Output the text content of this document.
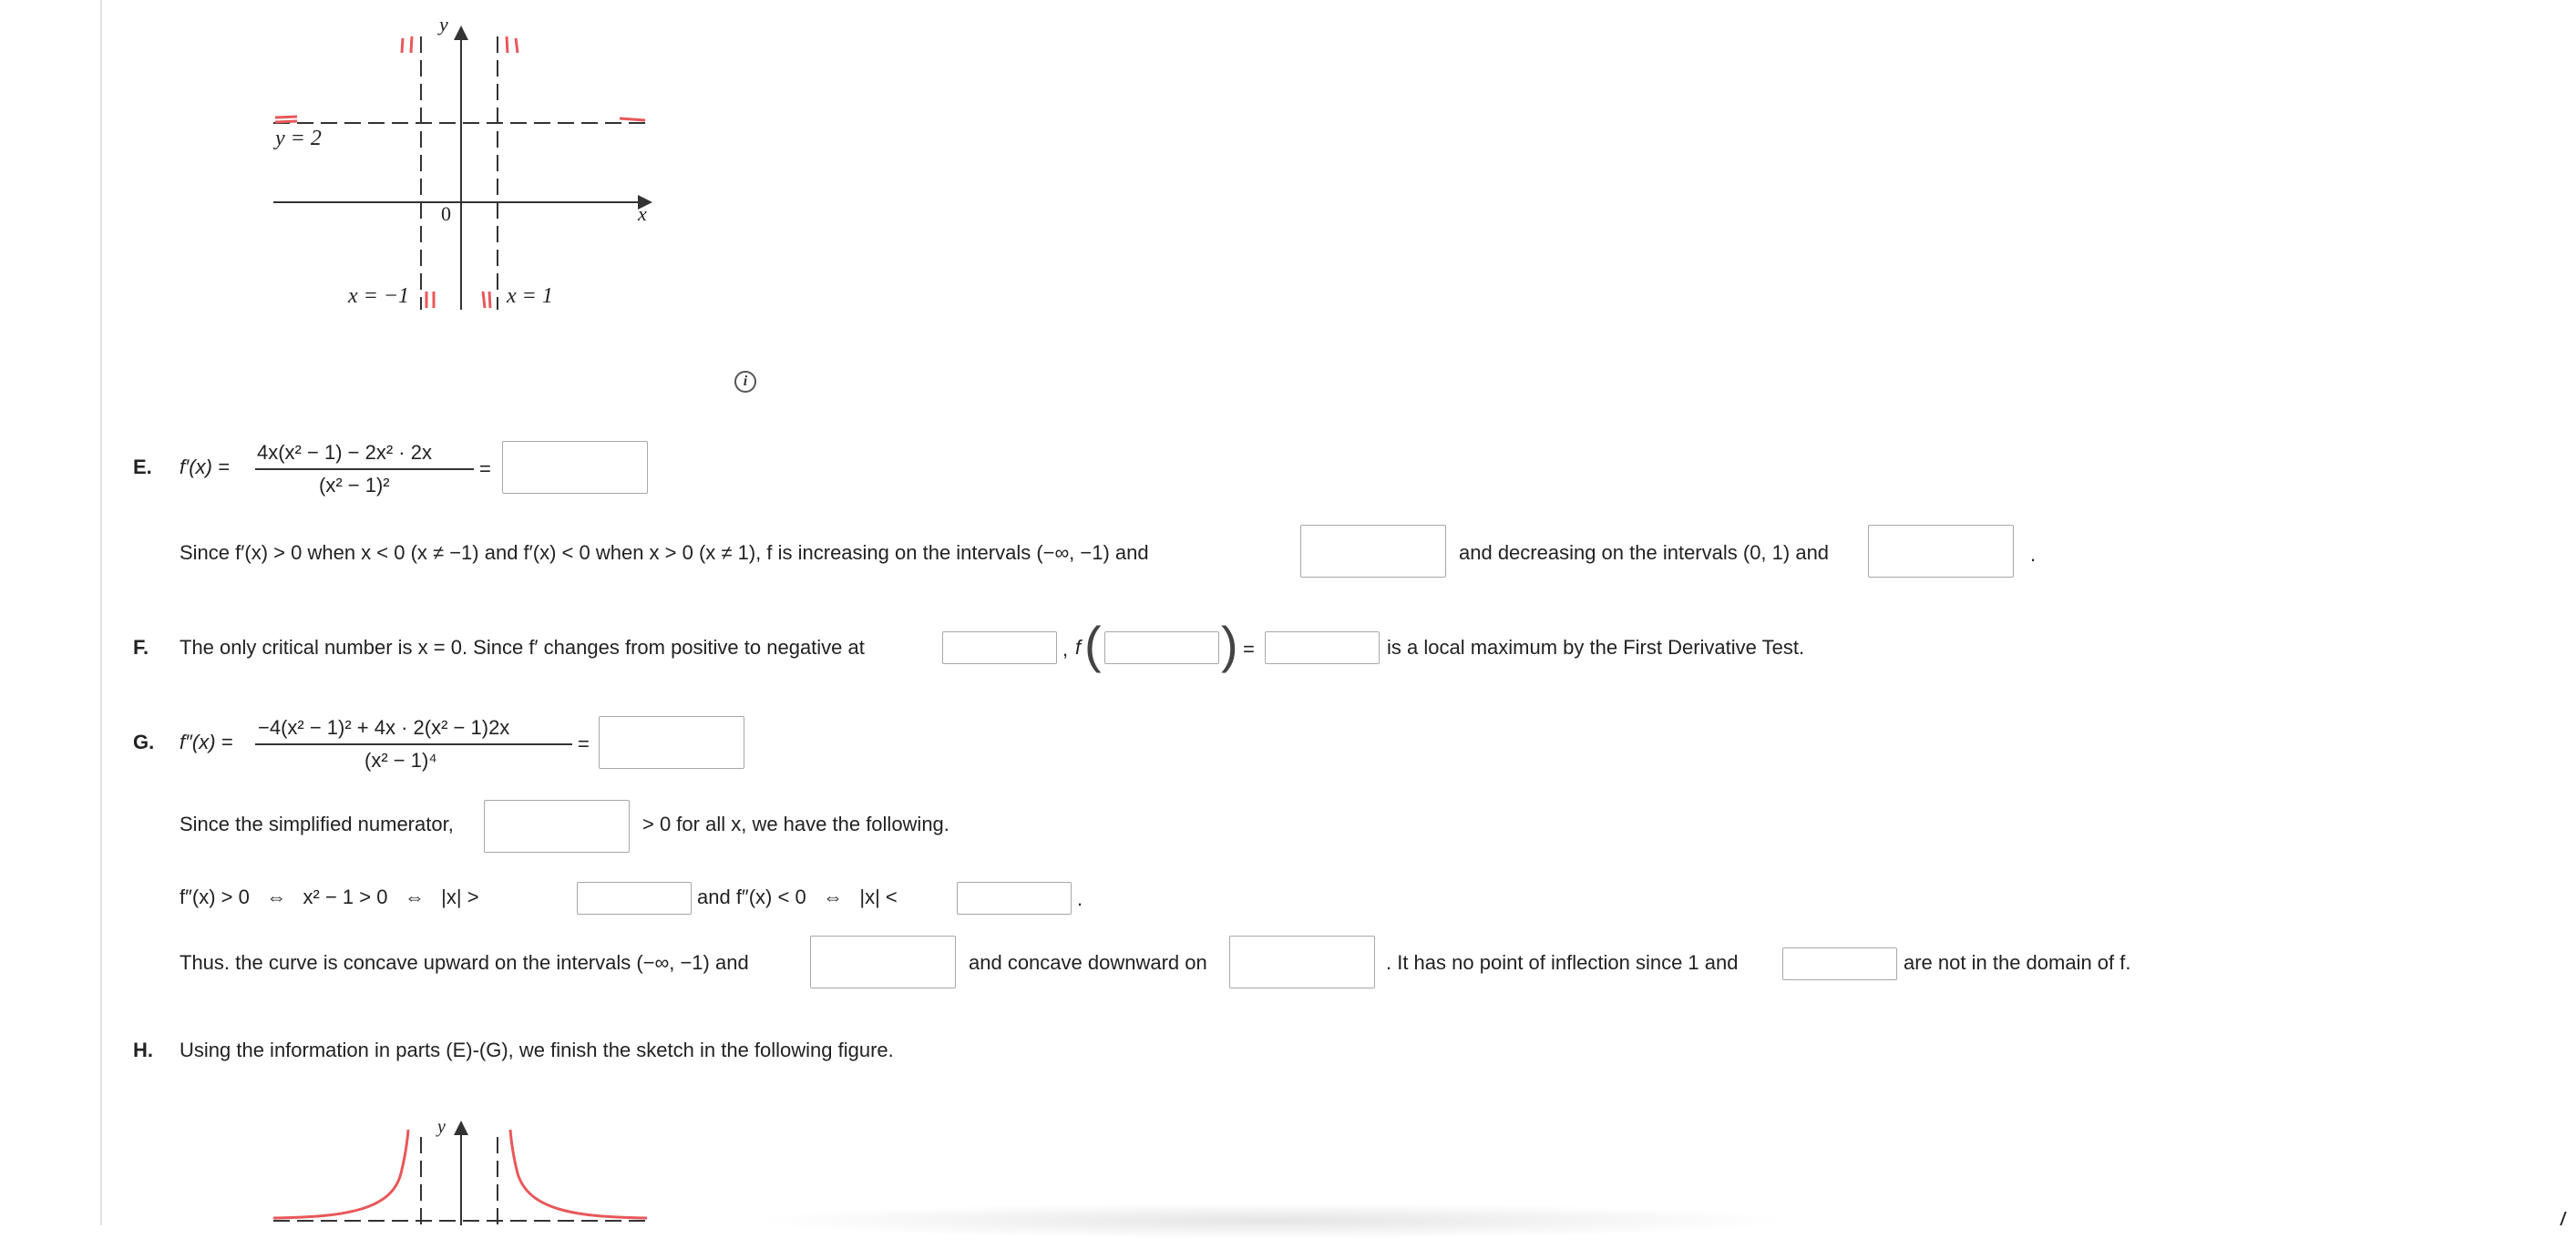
y
x
0
y = 2
x = −1	x = 1
i
E. f′(x) =
4x(x² − 1) − 2x² · 2x
(x² − 1)²
=
Since f′(x) > 0 when x < 0 (x ≠ −1) and f′(x) < 0 when x > 0 (x ≠ 1), f is increasing on the intervals (−∞, −1) and	and decreasing on the intervals (0, 1) and	.
F. The only critical number is x = 0. Since f′ changes from positive to negative at	, f ( ) =	is a local maximum by the First Derivative Test.
G. f″(x) =
−4(x² − 1)² + 4x · 2(x² − 1)2x
(x² − 1)⁴
=
Since the simplified numerator,	> 0 for all x, we have the following.
f″(x) > 0   ⇔   x² − 1 > 0   ⇔   |x| >	and f″(x) < 0   ⇔   |x| <	.
Thus. the curve is concave upward on the intervals (−∞, −1) and	and concave downward on	. It has no point of inflection since 1 and	are not in the domain of f.
H. Using the information in parts (E)-(G), we finish the sketch in the following figure.
y
